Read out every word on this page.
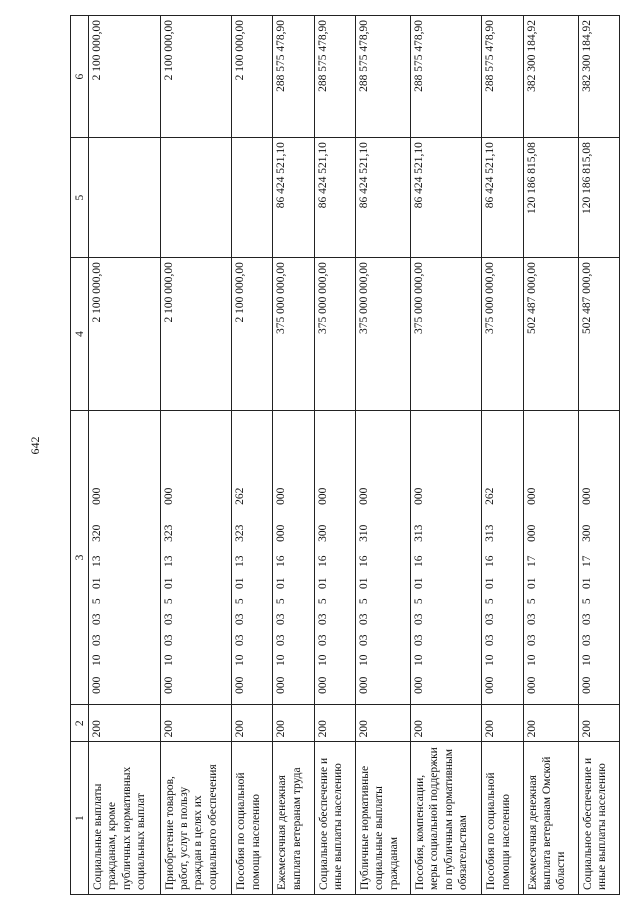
642
1	2	3	4	5	6
Социальные выплаты гражданам, кроме публичных нормативных социальных выплат	200	00010030350113320000	2 100 000,00		2 100 000,00
Приобретение товаров, работ, услуг в пользу граждан в целях их социального обеспечения	200	00010030350113323000	2 100 000,00		2 100 000,00
Пособия по социальной помощи населению	200	00010030350113323262	2 100 000,00		2 100 000,00
Ежемесячная денежная выплата ветеранам труда	200	00010030350116000000	375 000 000,00	86 424 521,10	288 575 478,90
Социальное обеспечение и иные выплаты населению	200	00010030350116300000	375 000 000,00	86 424 521,10	288 575 478,90
Публичные нормативные социальные выплаты гражданам	200	00010030350116310000	375 000 000,00	86 424 521,10	288 575 478,90
Пособия, компенсации, меры социальной поддержки по публичным нормативным обязательствам	200	00010030350116313000	375 000 000,00	86 424 521,10	288 575 478,90
Пособия по социальной помощи населению	200	00010030350116313262	375 000 000,00	86 424 521,10	288 575 478,90
Ежемесячная денежная выплата ветеранам Омской области	200	00010030350117000000	502 487 000,00	120 186 815,08	382 300 184,92
Социальное обеспечение и иные выплаты населению	200	00010030350117300000	502 487 000,00	120 186 815,08	382 300 184,92
